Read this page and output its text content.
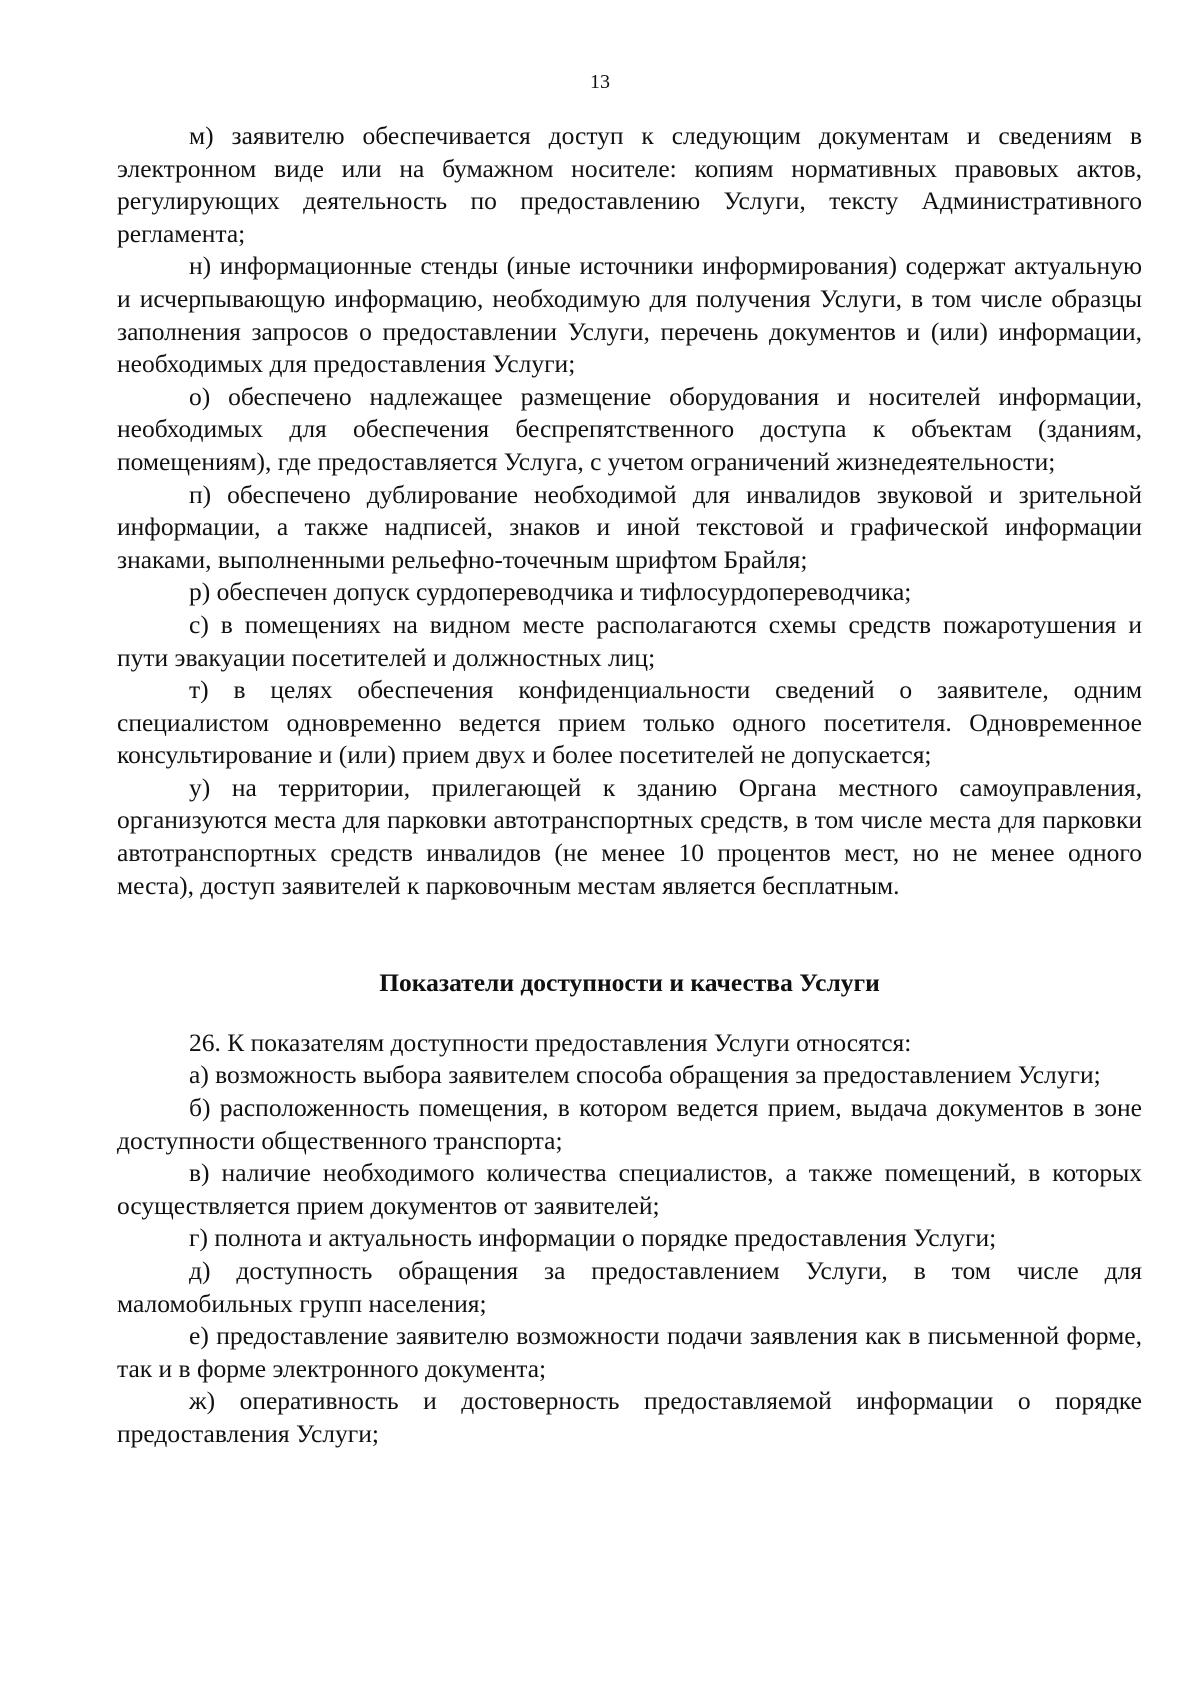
13

м) заявителю обеспечивается доступ к следующим документам и сведениям в электронном виде или на бумажном носителе: копиям нормативных правовых актов, регулирующих деятельность по предоставлению Услуги, тексту Административного регламента;

н) информационные стенды (иные источники информирования) содержат актуальную и исчерпывающую информацию, необходимую для получения Услуги, в том числе образцы заполнения запросов о предоставлении Услуги, перечень документов и (или) информации, необходимых для предоставления Услуги;

о) обеспечено надлежащее размещение оборудования и носителей информации, необходимых для обеспечения беспрепятственного доступа к объектам (зданиям, помещениям), где предоставляется Услуга, с учетом ограничений жизнедеятельности;

п) обеспечено дублирование необходимой для инвалидов звуковой и зрительной информации, а также надписей, знаков и иной текстовой и графической информации знаками, выполненными рельефно-точечным шрифтом Брайля;

р) обеспечен допуск сурдопереводчика и тифлосурдопереводчика;

с) в помещениях на видном месте располагаются схемы средств пожаротушения и пути эвакуации посетителей и должностных лиц;

т) в целях обеспечения конфиденциальности сведений о заявителе, одним специалистом одновременно ведется прием только одного посетителя. Одновременное консультирование и (или) прием двух и более посетителей не допускается;

у) на территории, прилегающей к зданию Органа местного самоуправления, организуются места для парковки автотранспортных средств, в том числе места для парковки автотранспортных средств инвалидов (не менее 10 процентов мест, но не менее одного места), доступ заявителей к парковочным местам является бесплатным.

Показатели доступности и качества Услуги

26. К показателям доступности предоставления Услуги относятся:

а) возможность выбора заявителем способа обращения за предоставлением Услуги;

б) расположенность помещения, в котором ведется прием, выдача документов в зоне доступности общественного транспорта;

в) наличие необходимого количества специалистов, а также помещений, в которых осуществляется прием документов от заявителей;

г) полнота и актуальность информации о порядке предоставления Услуги;

д) доступность обращения за предоставлением Услуги, в том числе для маломобильных групп населения;

е) предоставление заявителю возможности подачи заявления как в письменной форме, так и в форме электронного документа;

ж) оперативность и достоверность предоставляемой информации о порядке предоставления Услуги;
